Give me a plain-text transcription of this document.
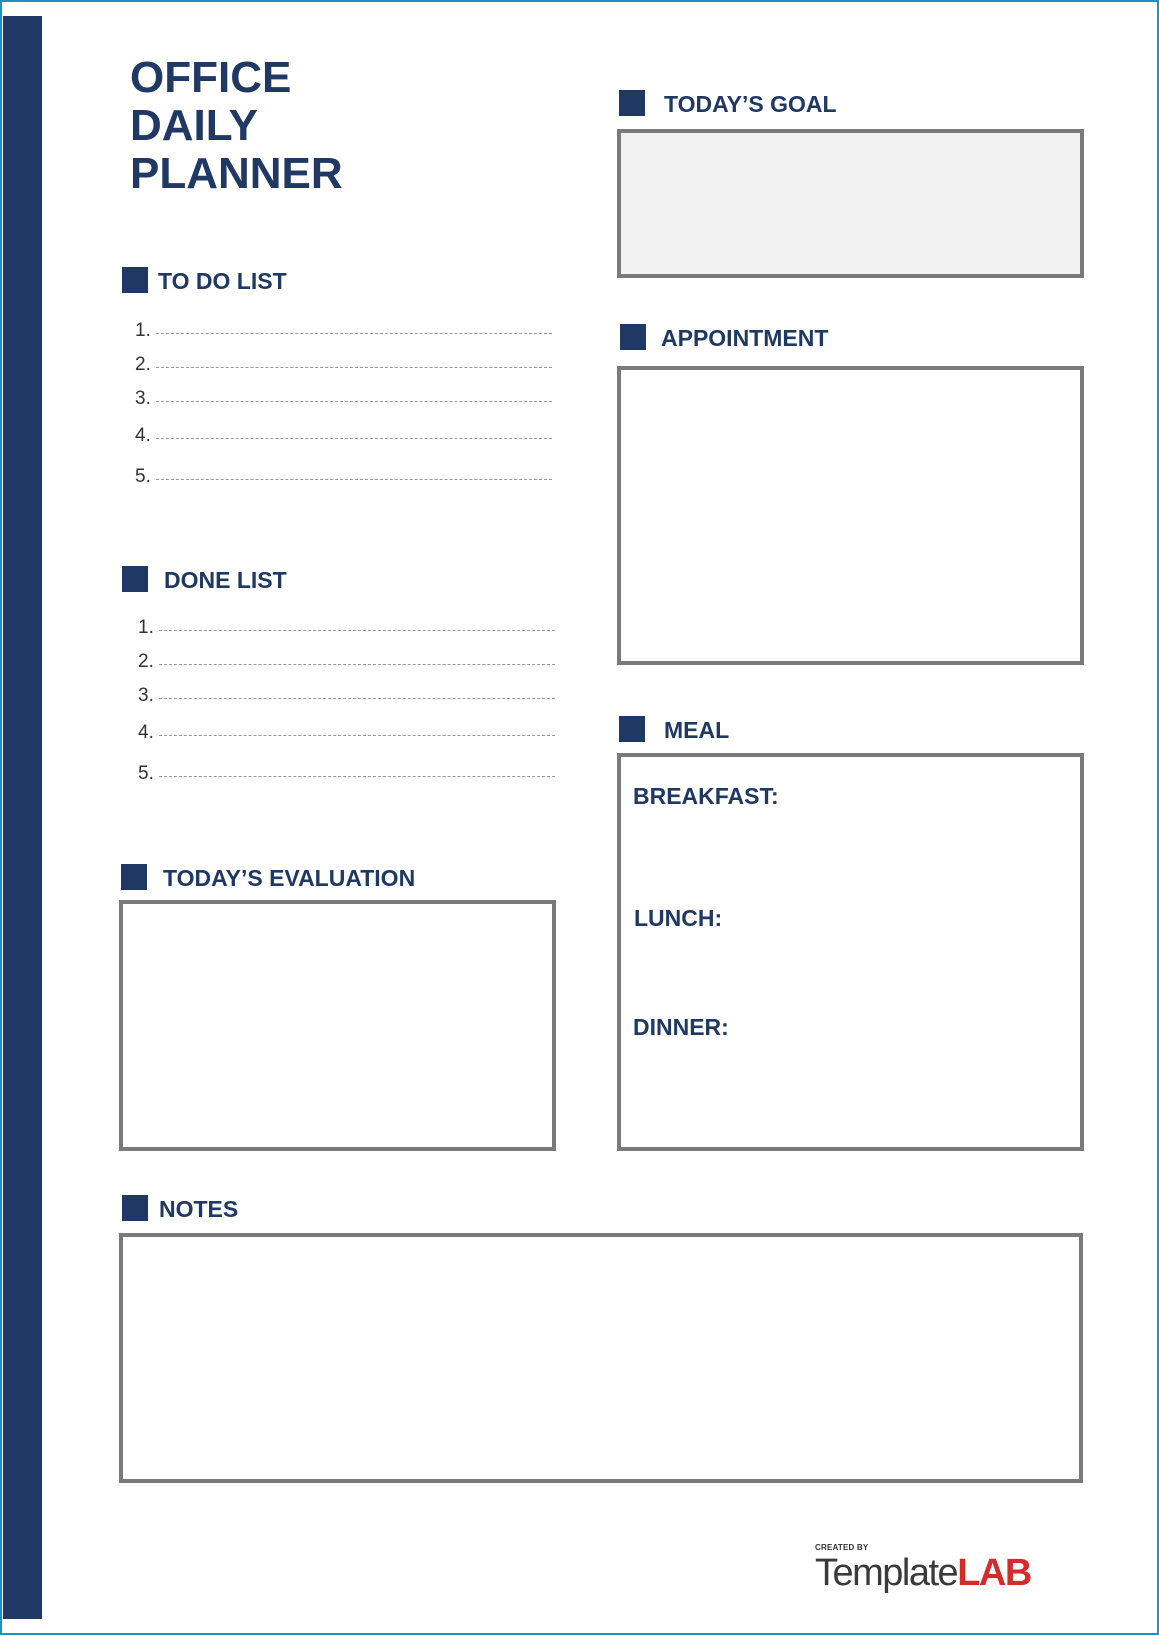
OFFICE
DAILY
PLANNER
TO DO LIST
1.
2.
3.
4.
5.
DONE LIST
1.
2.
3.
4.
5.
TODAY’S EVALUATION
NOTES
TODAY’S GOAL
APPOINTMENT
MEAL
BREAKFAST:
LUNCH:
DINNER:
CREATED BY
TemplateLAB
